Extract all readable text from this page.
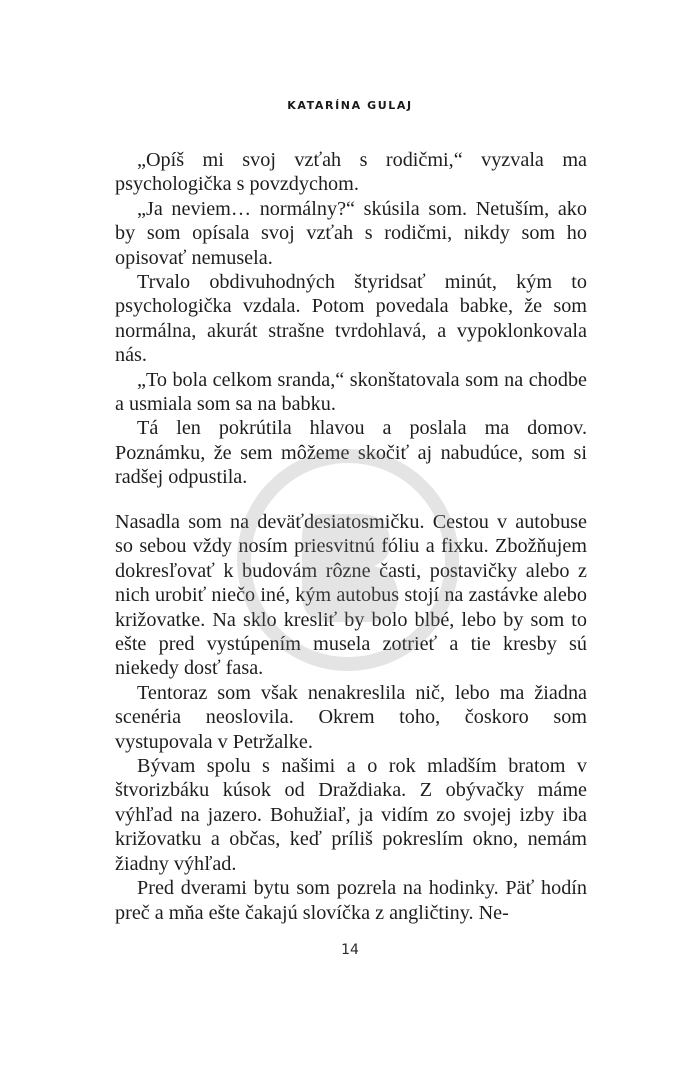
KATARÍNA GULAJ

„Opíš mi svoj vzťah s rodičmi,“ vyzvala ma psychologička s povzdychom.

„Ja neviem… normálny?“ skúsila som. Netuším, ako by som opísala svoj vzťah s rodičmi, nikdy som ho opisovať nemusela.

Trvalo obdivuhodných štyridsať minút, kým to psychologička vzdala. Potom povedala babke, že som normálna, akurát strašne tvrdohlavá, a vypoklonkovala nás.

„To bola celkom sranda,“ skonštatovala som na chodbe a usmiala som sa na babku.

Tá len pokrútila hlavou a poslala ma domov. Poznámku, že sem môžeme skočiť aj nabudúce, som si radšej odpustila.

Nasadla som na deväťdesiatosmičku. Cestou v autobuse so sebou vždy nosím priesvitnú fóliu a fixku. Zbožňujem dokresľovať k budovám rôzne časti, postavičky alebo z nich urobiť niečo iné, kým autobus stojí na zastávke alebo križovatke. Na sklo kresliť by bolo blbé, lebo by som to ešte pred vystúpením musela zotrieť a tie kresby sú niekedy dosť fasa.

Tentoraz som však nenakreslila nič, lebo ma žiadna scenéria neoslovila. Okrem toho, čoskoro som vystupovala v Petržalke.

Bývam spolu s našimi a o rok mladším bratom v štvorizbáku kúsok od Draždiaka. Z obývačky máme výhľad na jazero. Bohužiaľ, ja vidím zo svojej izby iba križovatku a občas, keď príliš pokreslím okno, nemám žiadny výhľad.

Pred dverami bytu som pozrela na hodinky. Päť hodín preč a mňa ešte čakajú slovíčka z angličtiny. Ne-

14
